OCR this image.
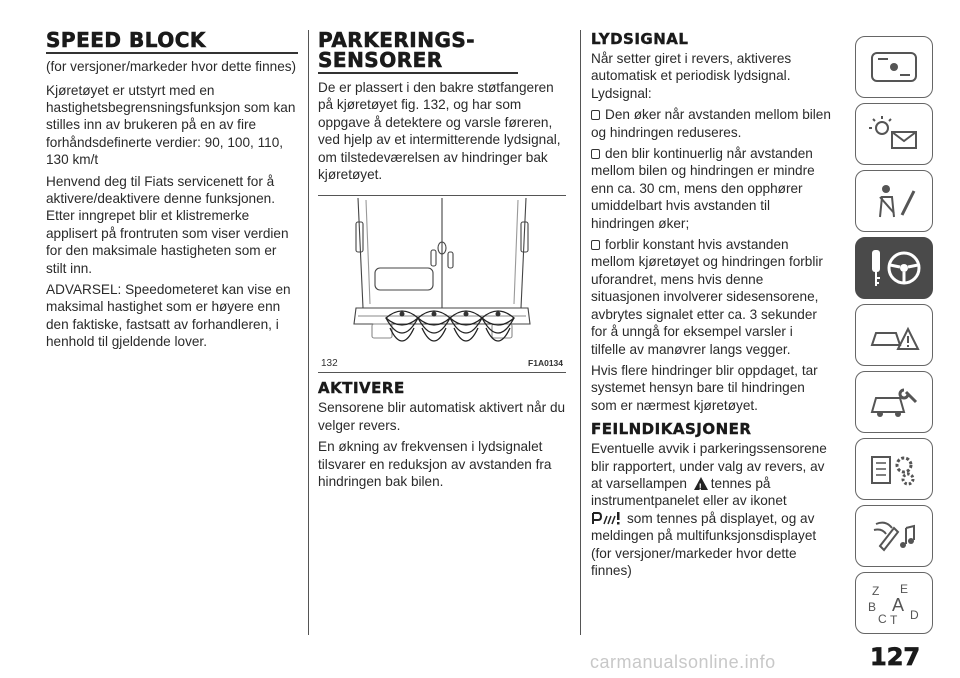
SPEED BLOCK

(for versjoner/markeder hvor dette finnes)

Kjøretøyet er utstyrt med en hastighetsbegrensningsfunksjon som kan stilles inn av brukeren på en av fire forhåndsdefinerte verdier: 90, 100, 110, 130 km/t

Henvend deg til Fiats servicenett for å aktivere/deaktivere denne funksjonen. Etter inngrepet blir et klistremerke applisert på frontruten som viser verdien for den maksimale hastigheten som er stilt inn.

ADVARSEL: Speedometeret kan vise en maksimal hastighet som er høyere enn den faktiske, fastsatt av forhandleren, i henhold til gjeldende lover.

PARKERINGS-SENSORER

De er plassert i den bakre støtfangeren på kjøretøyet fig. 132, og har som oppgave å detektere og varsle føreren, ved hjelp av et intermitterende lydsignal, om tilstedeværelsen av hindringer bak kjøretøyet.

132	F1A0134
AKTIVERE

Sensorene blir automatisk aktivert når du velger revers.

En økning av frekvensen i lydsignalet tilsvarer en reduksjon av avstanden fra hindringen bak bilen.

LYDSIGNAL

Når setter giret i revers, aktiveres automatisk et periodisk lydsignal. Lydsignal:

Den øker når avstanden mellom bilen og hindringen reduseres.

den blir kontinuerlig når avstanden mellom bilen og hindringen er mindre enn ca. 30 cm, mens den opphører umiddelbart hvis avstanden til hindringen øker;

forblir konstant hvis avstanden mellom kjøretøyet og hindringen forblir uforandret, mens hvis denne situasjonen involverer sidesensorene, avbrytes signalet etter ca. 3 sekunder for å unngå for eksempel varsler i tilfelle av manøvrer langs vegger.

Hvis flere hindringer blir oppdaget, tar systemet hensyn bare til hindringen som er nærmest kjøretøyet.

FEILNDIKASJONER

Eventuelle avvik i parkeringssensorene blir rapportert, under valg av revers, av at varsellampen ! tennes på instrumentpanelet eller av ikonet
som tennes på displayet, og av meldingen på multifunksjonsdisplayet (for versjoner/markeder hvor dette finnes)

Z E
B A
C T D
127
carmanualsonline.info
